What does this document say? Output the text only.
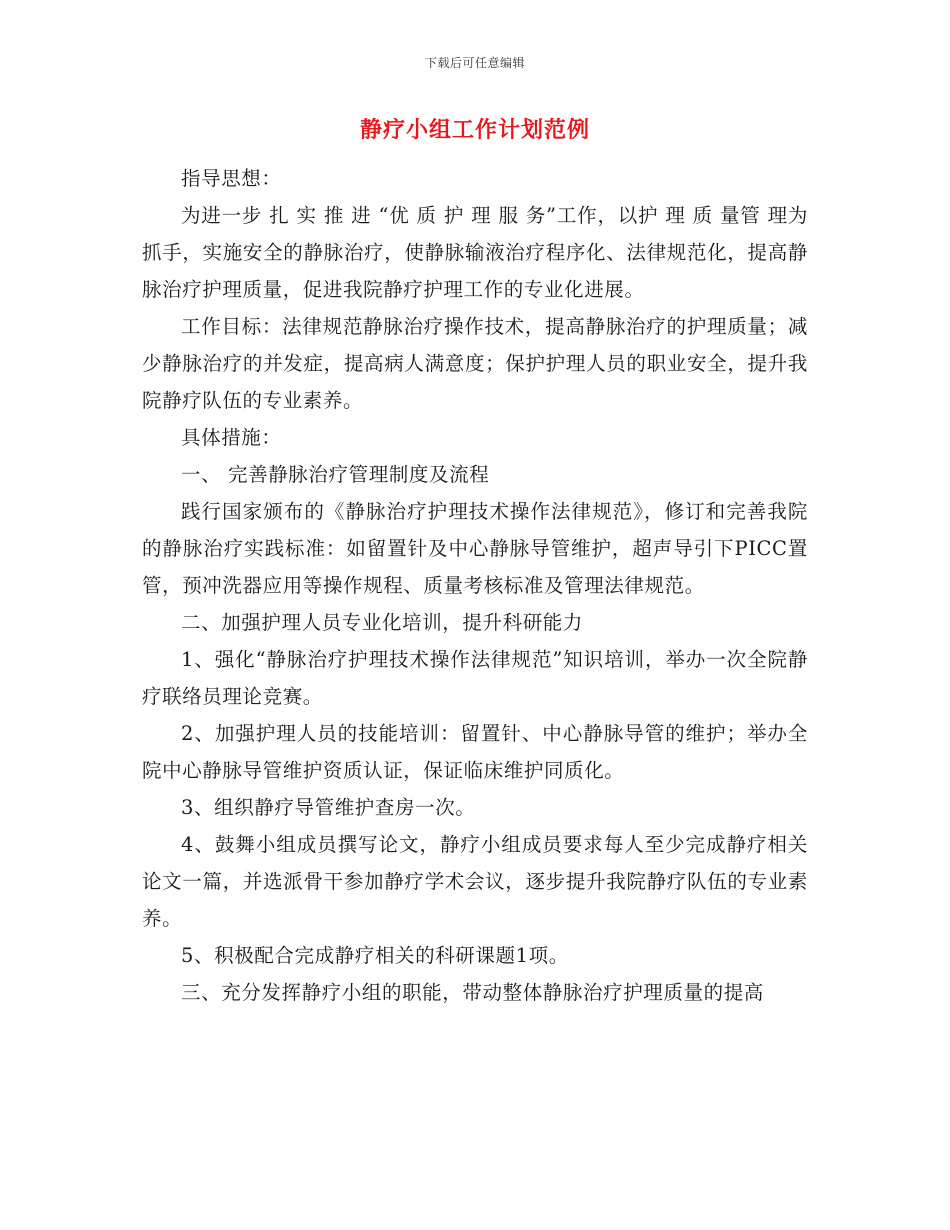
下载后可任意编辑
静疗小组工作计划范例

指导思想：

为进一步 扎 实 推 进 “优 质 护 理 服 务”工作，以护 理 质 量管 理为 抓手，实施安全的静脉治疗，使静脉输液治疗程序化、法律规范化，提高静脉治疗护理质量，促进我院静疗护理工作的专业化进展。

工作目标：法律规范静脉治疗操作技术，提高静脉治疗的护理质量；减少静脉治疗的并发症，提高病人满意度；保护护理人员的职业安全，提升我院静疗队伍的专业素养。

具体措施：

一、 完善静脉治疗管理制度及流程

践行国家颁布的《静脉治疗护理技术操作法律规范》，修订和完善我院的静脉治疗实践标准：如留置针及中心静脉导管维护，超声导引下PICC置管，预冲洗器应用等操作规程、质量考核标准及管理法律规范。

二、加强护理人员专业化培训，提升科研能力

1、强化“静脉治疗护理技术操作法律规范”知识培训，举办一次全院静疗联络员理论竞赛。

2、加强护理人员的技能培训：留置针、中心静脉导管的维护；举办全院中心静脉导管维护资质认证，保证临床维护同质化。

3、组织静疗导管维护查房一次。

4、鼓舞小组成员撰写论文，静疗小组成员要求每人至少完成静疗相关论文一篇，并选派骨干参加静疗学术会议，逐步提升我院静疗队伍的专业素养。

5、积极配合完成静疗相关的科研课题1项。

三、充分发挥静疗小组的职能，带动整体静脉治疗护理质量的提高
